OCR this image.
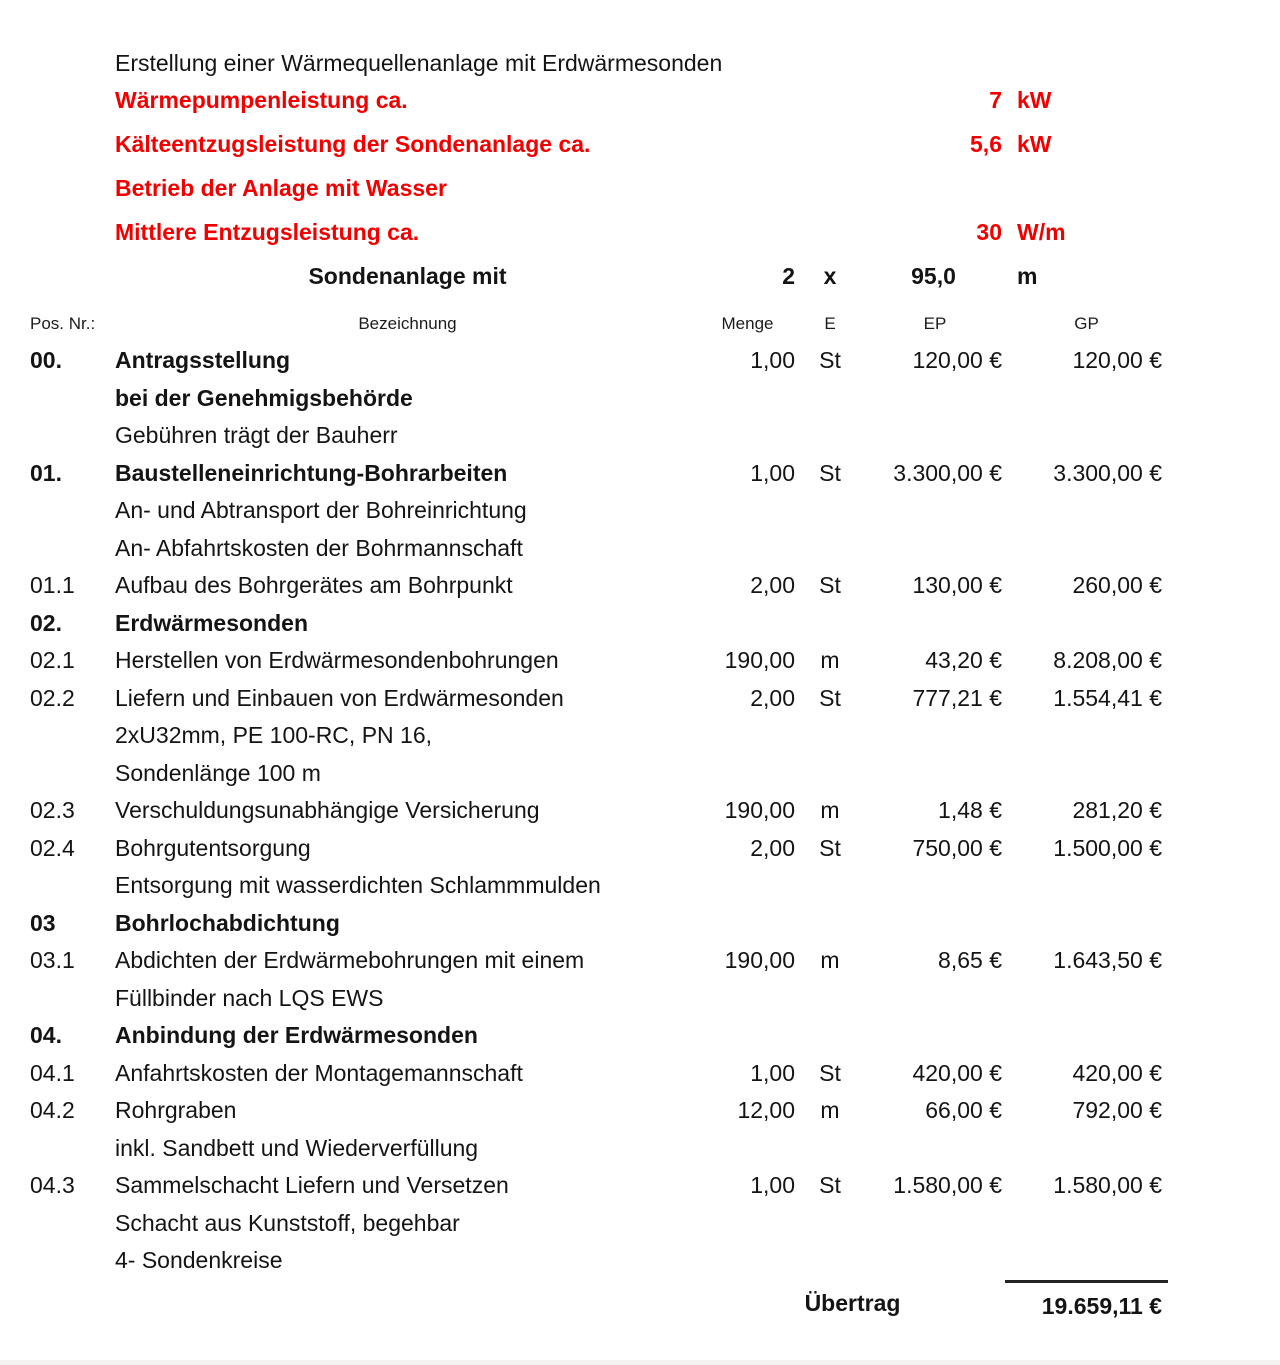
Erstellung einer Wärmequellenanlage mit Erdwärmesonden
Wärmepumpenleistung ca.	7 kW
Kälteentzugsleistung der Sondenanlage ca.	5,6 kW
Betrieb der Anlage mit Wasser
Mittlere Entzugsleistung ca.	30 W/m
Sondenanlage mit	2	x	95,0	m
Pos. Nr.:	Bezeichnung	Menge	E	EP	GP
00.	Antragsstellung	1,00	St	120,00 €	120,00 €
bei der Genehmigsbehörde
Gebühren trägt der Bauherr
01.	Baustelleneinrichtung-Bohrarbeiten	1,00	St	3.300,00 €	3.300,00 €
An- und Abtransport der Bohreinrichtung
An- Abfahrtskosten der Bohrmannschaft
01.1	Aufbau des Bohrgerätes am Bohrpunkt	2,00	St	130,00 €	260,00 €
02.	Erdwärmesonden
02.1	Herstellen von Erdwärmesondenbohrungen	190,00	m	43,20 €	8.208,00 €
02.2	Liefern und Einbauen von Erdwärmesonden	2,00	St	777,21 €	1.554,41 €
2xU32mm, PE 100-RC, PN 16,
Sondenlänge 100 m
02.3	Verschuldungsunabhängige Versicherung	190,00	m	1,48 €	281,20 €
02.4	Bohrgutentsorgung	2,00	St	750,00 €	1.500,00 €
Entsorgung mit wasserdichten Schlammmulden
03	Bohrlochabdichtung
03.1	Abdichten der Erdwärmebohrungen mit einem	190,00	m	8,65 €	1.643,50 €
Füllbinder nach LQS EWS
04.	Anbindung der Erdwärmesonden
04.1	Anfahrtskosten der Montagemannschaft	1,00	St	420,00 €	420,00 €
04.2	Rohrgraben	12,00	m	66,00 €	792,00 €
inkl. Sandbett und Wiederverfüllung
04.3	Sammelschacht Liefern und Versetzen	1,00	St	1.580,00 €	1.580,00 €
Schacht aus Kunststoff, begehbar
4- Sondenkreise
Übertrag	19.659,11 €
